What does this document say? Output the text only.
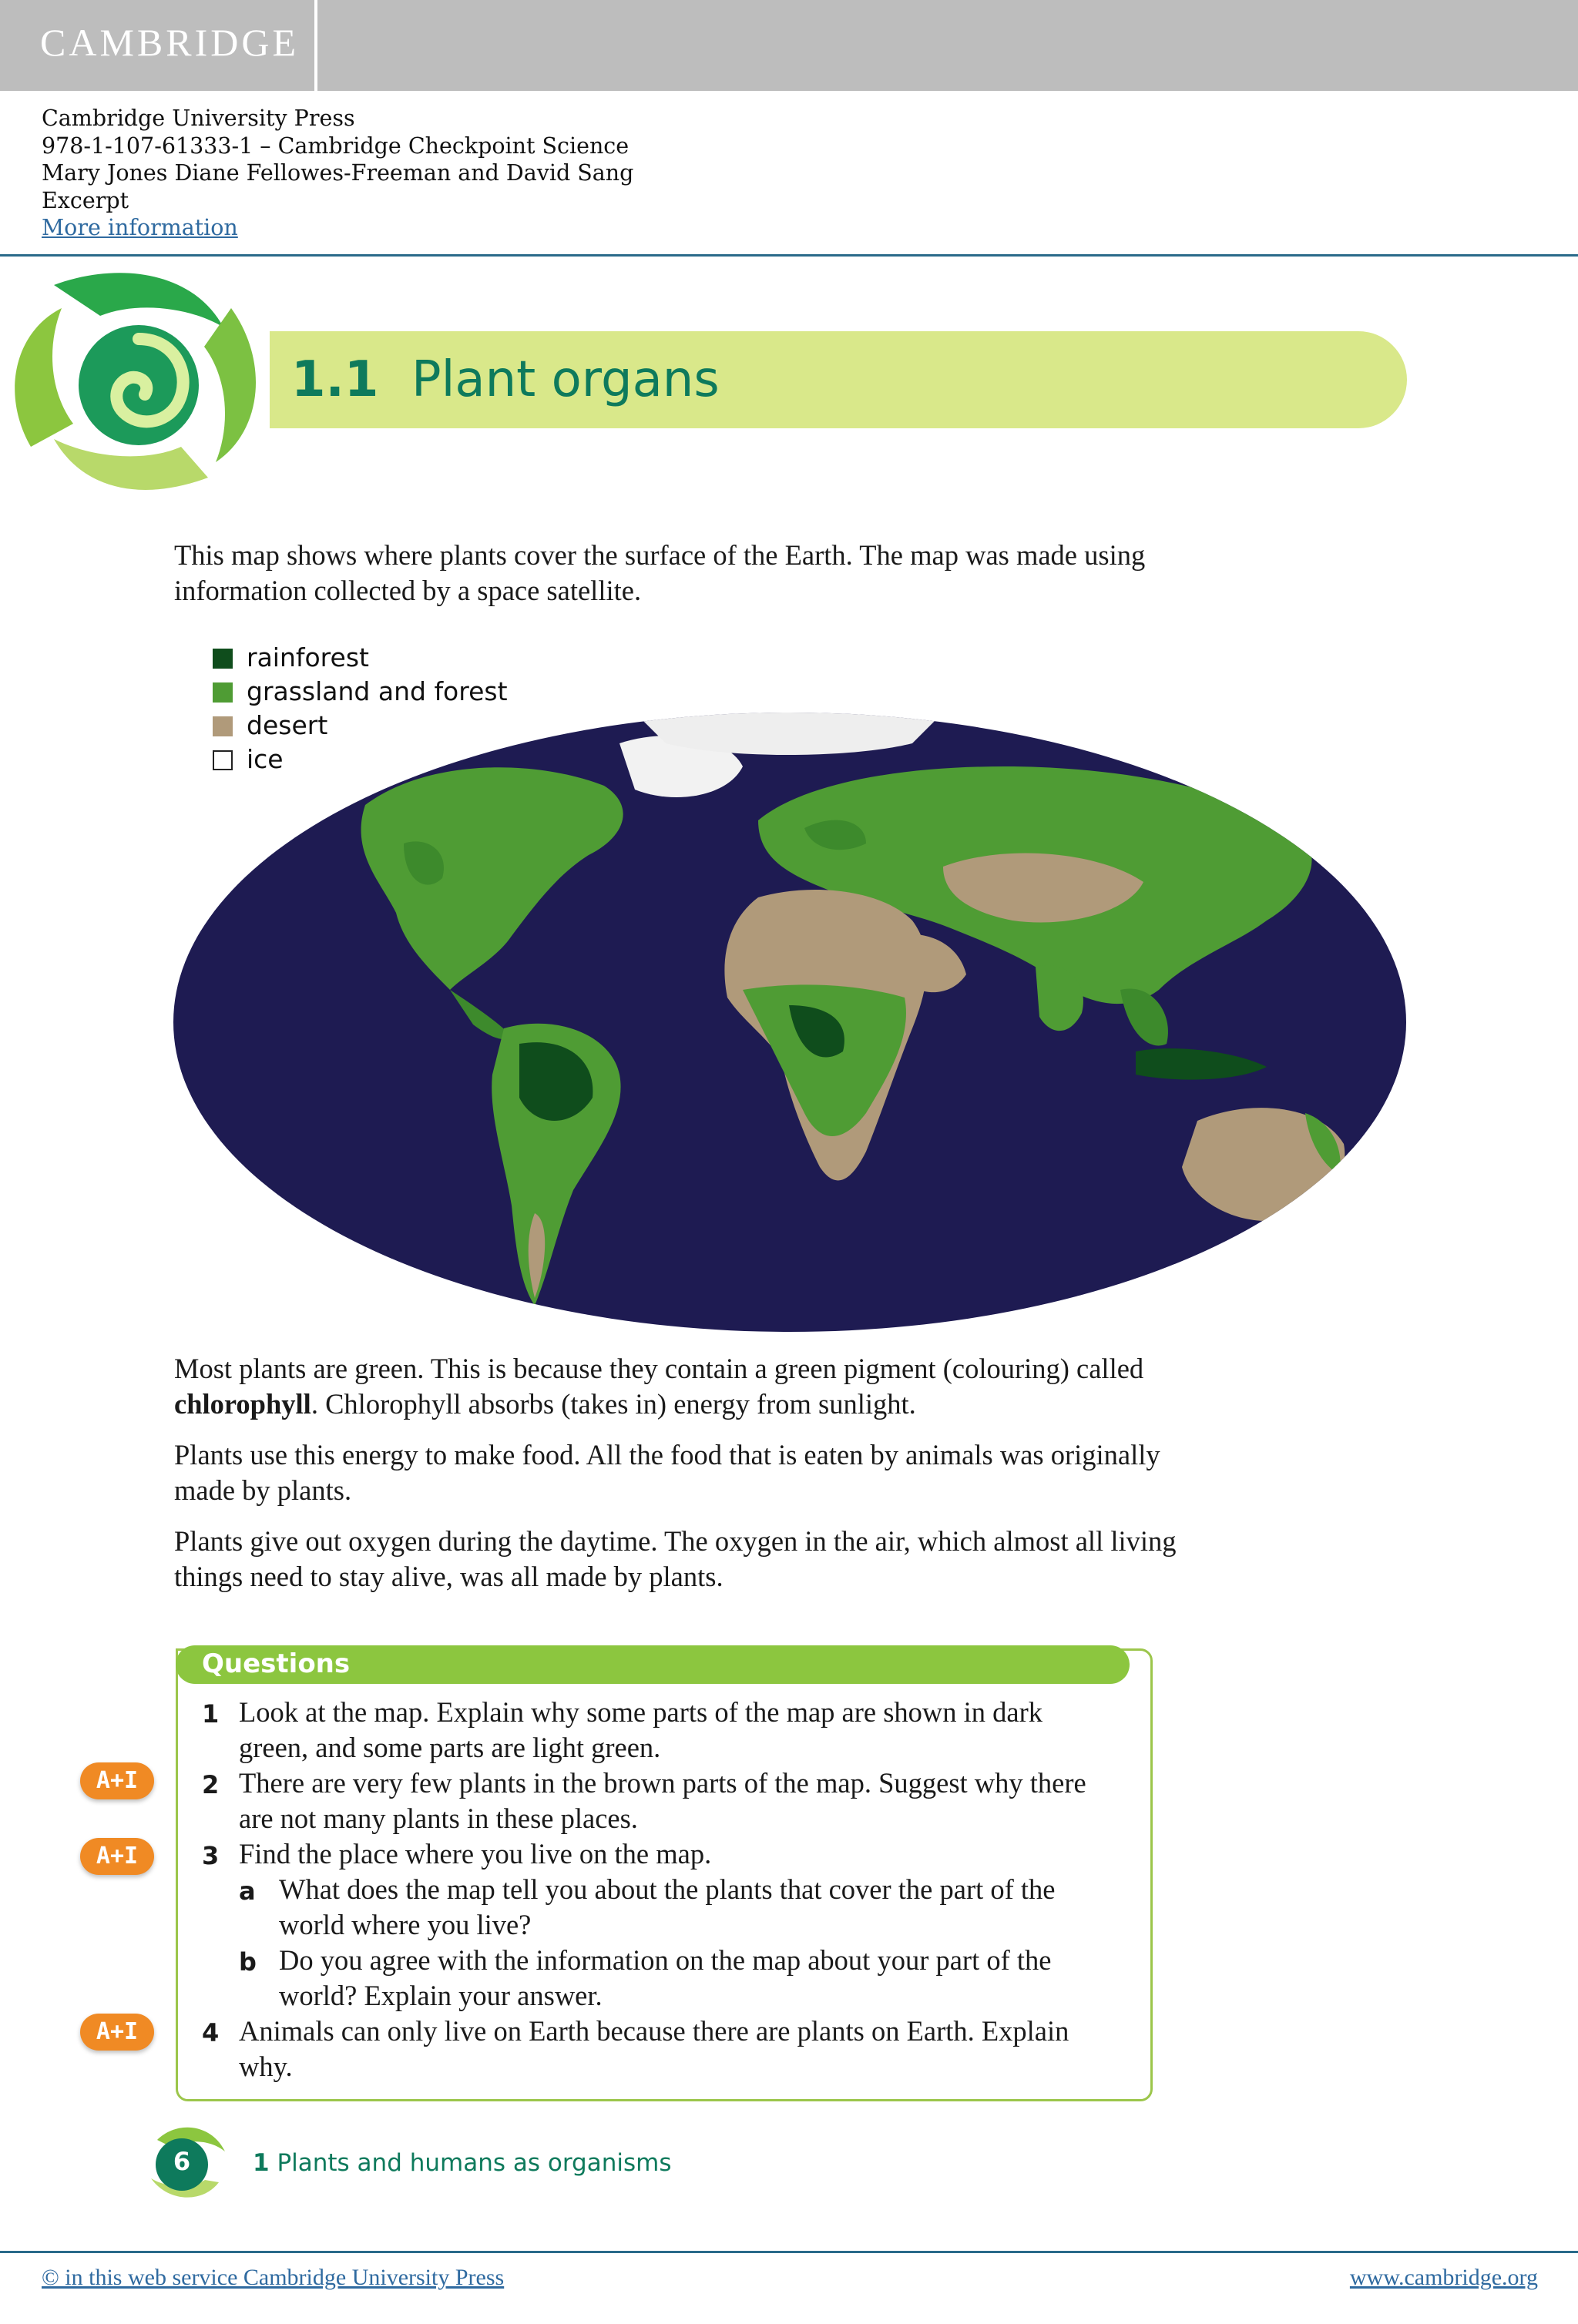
CAMBRIDGE
Cambridge University Press
978-1-107-61333-1 – Cambridge Checkpoint Science
Mary Jones Diane Fellowes-Freeman and David Sang
Excerpt
More information
1.1 Plant organs
This map shows where plants cover the surface of the Earth. The map was made using information collected by a space satellite.
rainforest
grassland and forest
desert
ice
Most plants are green. This is because they contain a green pigment (colouring) called chlorophyll. Chlorophyll absorbs (takes in) energy from sunlight.
Plants use this energy to make food. All the food that is eaten by animals was originally made by plants.
Plants give out oxygen during the daytime. The oxygen in the air, which almost all living things need to stay alive, was all made by plants.
Questions
1 Look at the map. Explain why some parts of the map are shown in dark green, and some parts are light green.
2 There are very few plants in the brown parts of the map. Suggest why there are not many plants in these places.
3 Find the place where you live on the map.
a What does the map tell you about the plants that cover the part of the world where you live?
b Do you agree with the information on the map about your part of the world? Explain your answer.
4 Animals can only live on Earth because there are plants on Earth. Explain why.
A+I
A+I
A+I
6	1 Plants and humans as organisms
© in this web service Cambridge University Press	www.cambridge.org
